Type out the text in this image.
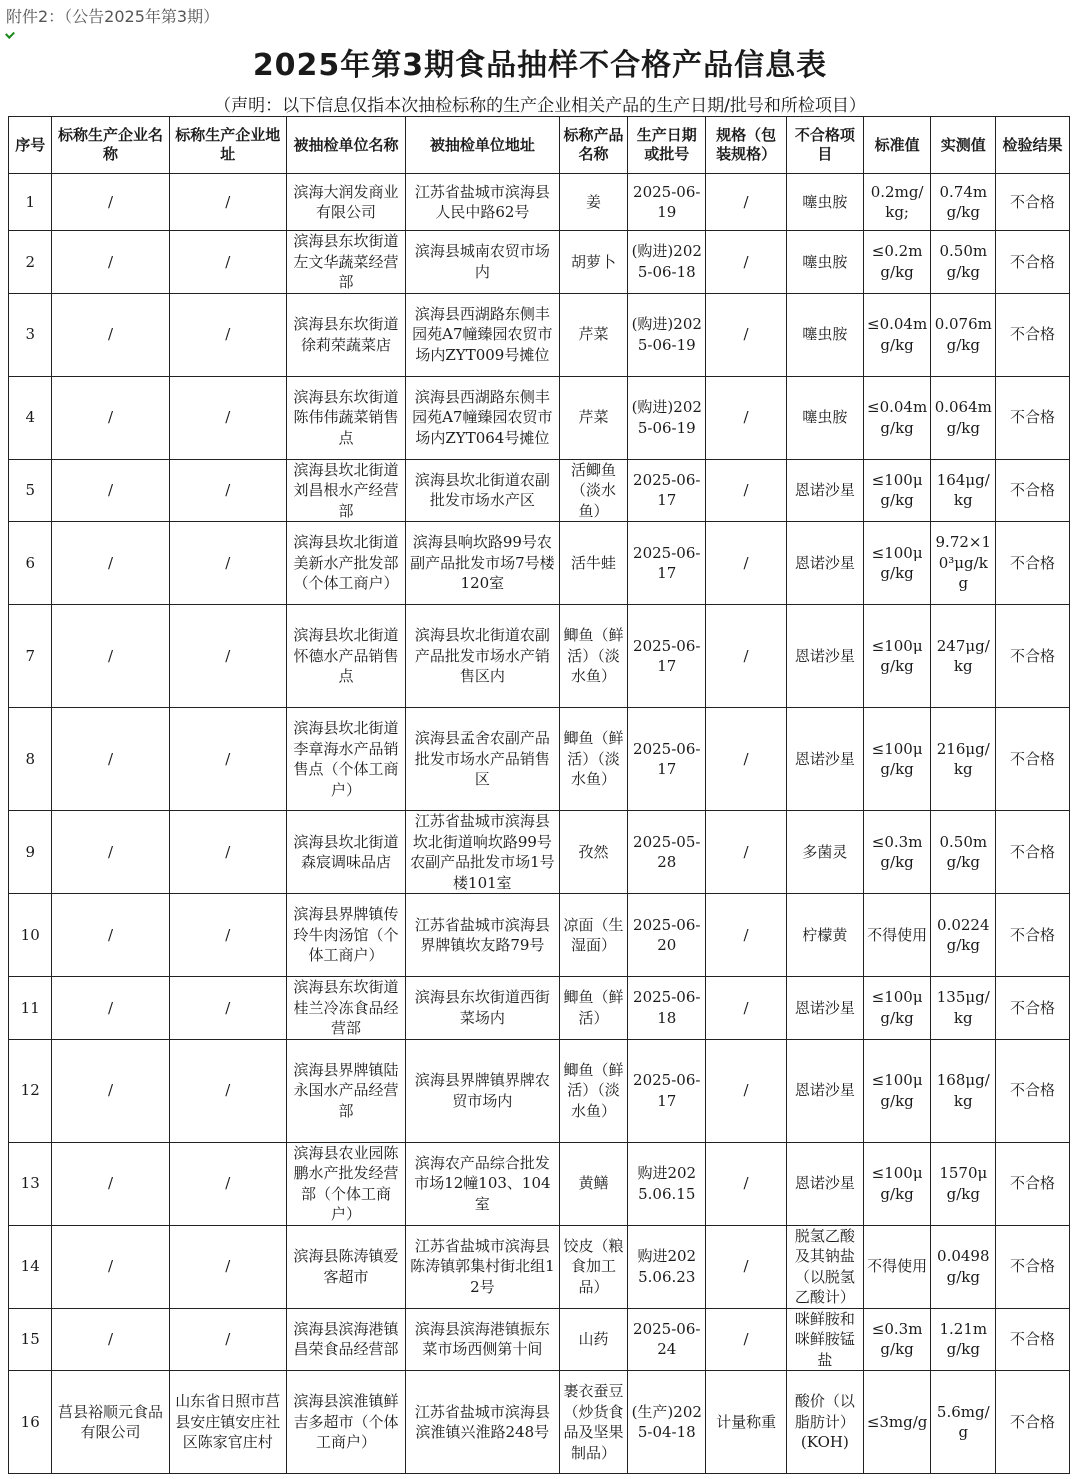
附件2：（公告2025年第3期）
2025年第3期食品抽样不合格产品信息表
（声明：以下信息仅指本次抽检标称的生产企业相关产品的生产日期/批号和所检项目）
序号	标称生产企业名称	标称生产企业地址	被抽检单位名称	被抽检单位地址	标称产品名称	生产日期或批号	规格（包装规格）	不合格项目	标准值	实测值	检验结果
1	/	/	滨海大润发商业有限公司	江苏省盐城市滨海县人民中路62号	姜	2025-06-19	/	噻虫胺	0.2mg/kg;	0.74mg/kg	不合格
2	/	/	滨海县东坎街道左文华蔬菜经营部	滨海县城南农贸市场内	胡萝卜	(购进)2025-06-18	/	噻虫胺	≤0.2mg/kg	0.50mg/kg	不合格
3	/	/	滨海县东坎街道徐莉荣蔬菜店	滨海县西湖路东侧丰园苑A7幢臻园农贸市场内ZYT009号摊位	芹菜	(购进)2025-06-19	/	噻虫胺	≤0.04mg/kg	0.076mg/kg	不合格
4	/	/	滨海县东坎街道陈伟伟蔬菜销售点	滨海县西湖路东侧丰园苑A7幢臻园农贸市场内ZYT064号摊位	芹菜	(购进)2025-06-19	/	噻虫胺	≤0.04mg/kg	0.064mg/kg	不合格
5	/	/	滨海县坎北街道刘昌根水产经营部	滨海县坎北街道农副批发市场水产区	活鲫鱼（淡水鱼）	2025-06-17	/	恩诺沙星	≤100μg/kg	164μg/kg	不合格
6	/	/	滨海县坎北街道美新水产批发部（个体工商户）	滨海县响坎路99号农副产品批发市场7号楼120室	活牛蛙	2025-06-17	/	恩诺沙星	≤100μg/kg	9.72×10³μg/kg	不合格
7	/	/	滨海县坎北街道怀德水产品销售点	滨海县坎北街道农副产品批发市场水产销售区内	鲫鱼（鲜活）（淡水鱼）	2025-06-17	/	恩诺沙星	≤100μg/kg	247μg/kg	不合格
8	/	/	滨海县坎北街道李章海水产品销售点（个体工商户）	滨海县孟舍农副产品批发市场水产品销售区	鲫鱼（鲜活）（淡水鱼）	2025-06-17	/	恩诺沙星	≤100μg/kg	216μg/kg	不合格
9	/	/	滨海县坎北街道森宸调味品店	江苏省盐城市滨海县坎北街道响坎路99号农副产品批发市场1号楼101室	孜然	2025-05-28	/	多菌灵	≤0.3mg/kg	0.50mg/kg	不合格
10	/	/	滨海县界牌镇传玲牛肉汤馆（个体工商户）	江苏省盐城市滨海县界牌镇坎友路79号	凉面（生湿面）	2025-06-20	/	柠檬黄	不得使用	0.0224g/kg	不合格
11	/	/	滨海县东坎街道桂兰冷冻食品经营部	滨海县东坎街道西街菜场内	鲫鱼（鲜活）	2025-06-18	/	恩诺沙星	≤100μg/kg	135μg/kg	不合格
12	/	/	滨海县界牌镇陆永国水产品经营部	滨海县界牌镇界牌农贸市场内	鲫鱼（鲜活）（淡水鱼）	2025-06-17	/	恩诺沙星	≤100μg/kg	168μg/kg	不合格
13	/	/	滨海县农业园陈鹏水产批发经营部（个体工商户）	滨海农产品综合批发市场12幢103、104室	黄鳝	购进2025.06.15	/	恩诺沙星	≤100μg/kg	1570μg/kg	不合格
14	/	/	滨海县陈涛镇爱客超市	江苏省盐城市滨海县陈涛镇郭集村街北组12号	饺皮（粮食加工品）	购进2025.06.23	/	脱氢乙酸及其钠盐（以脱氢乙酸计）	不得使用	0.0498g/kg	不合格
15	/	/	滨海县滨海港镇昌荣食品经营部	滨海县滨海港镇振东菜市场西侧第十间	山药	2025-06-24	/	咪鲜胺和咪鲜胺锰盐	≤0.3mg/kg	1.21mg/kg	不合格
16	莒县裕顺元食品有限公司	山东省日照市莒县安庄镇安庄社区陈家官庄村	滨海县滨淮镇鲜吉多超市（个体工商户）	江苏省盐城市滨海县滨淮镇兴淮路248号	裹衣蚕豆（炒货食品及坚果制品）	(生产)2025-04-18	计量称重	酸价（以脂肪计）(KOH)	≤3mg/g	5.6mg/g	不合格
